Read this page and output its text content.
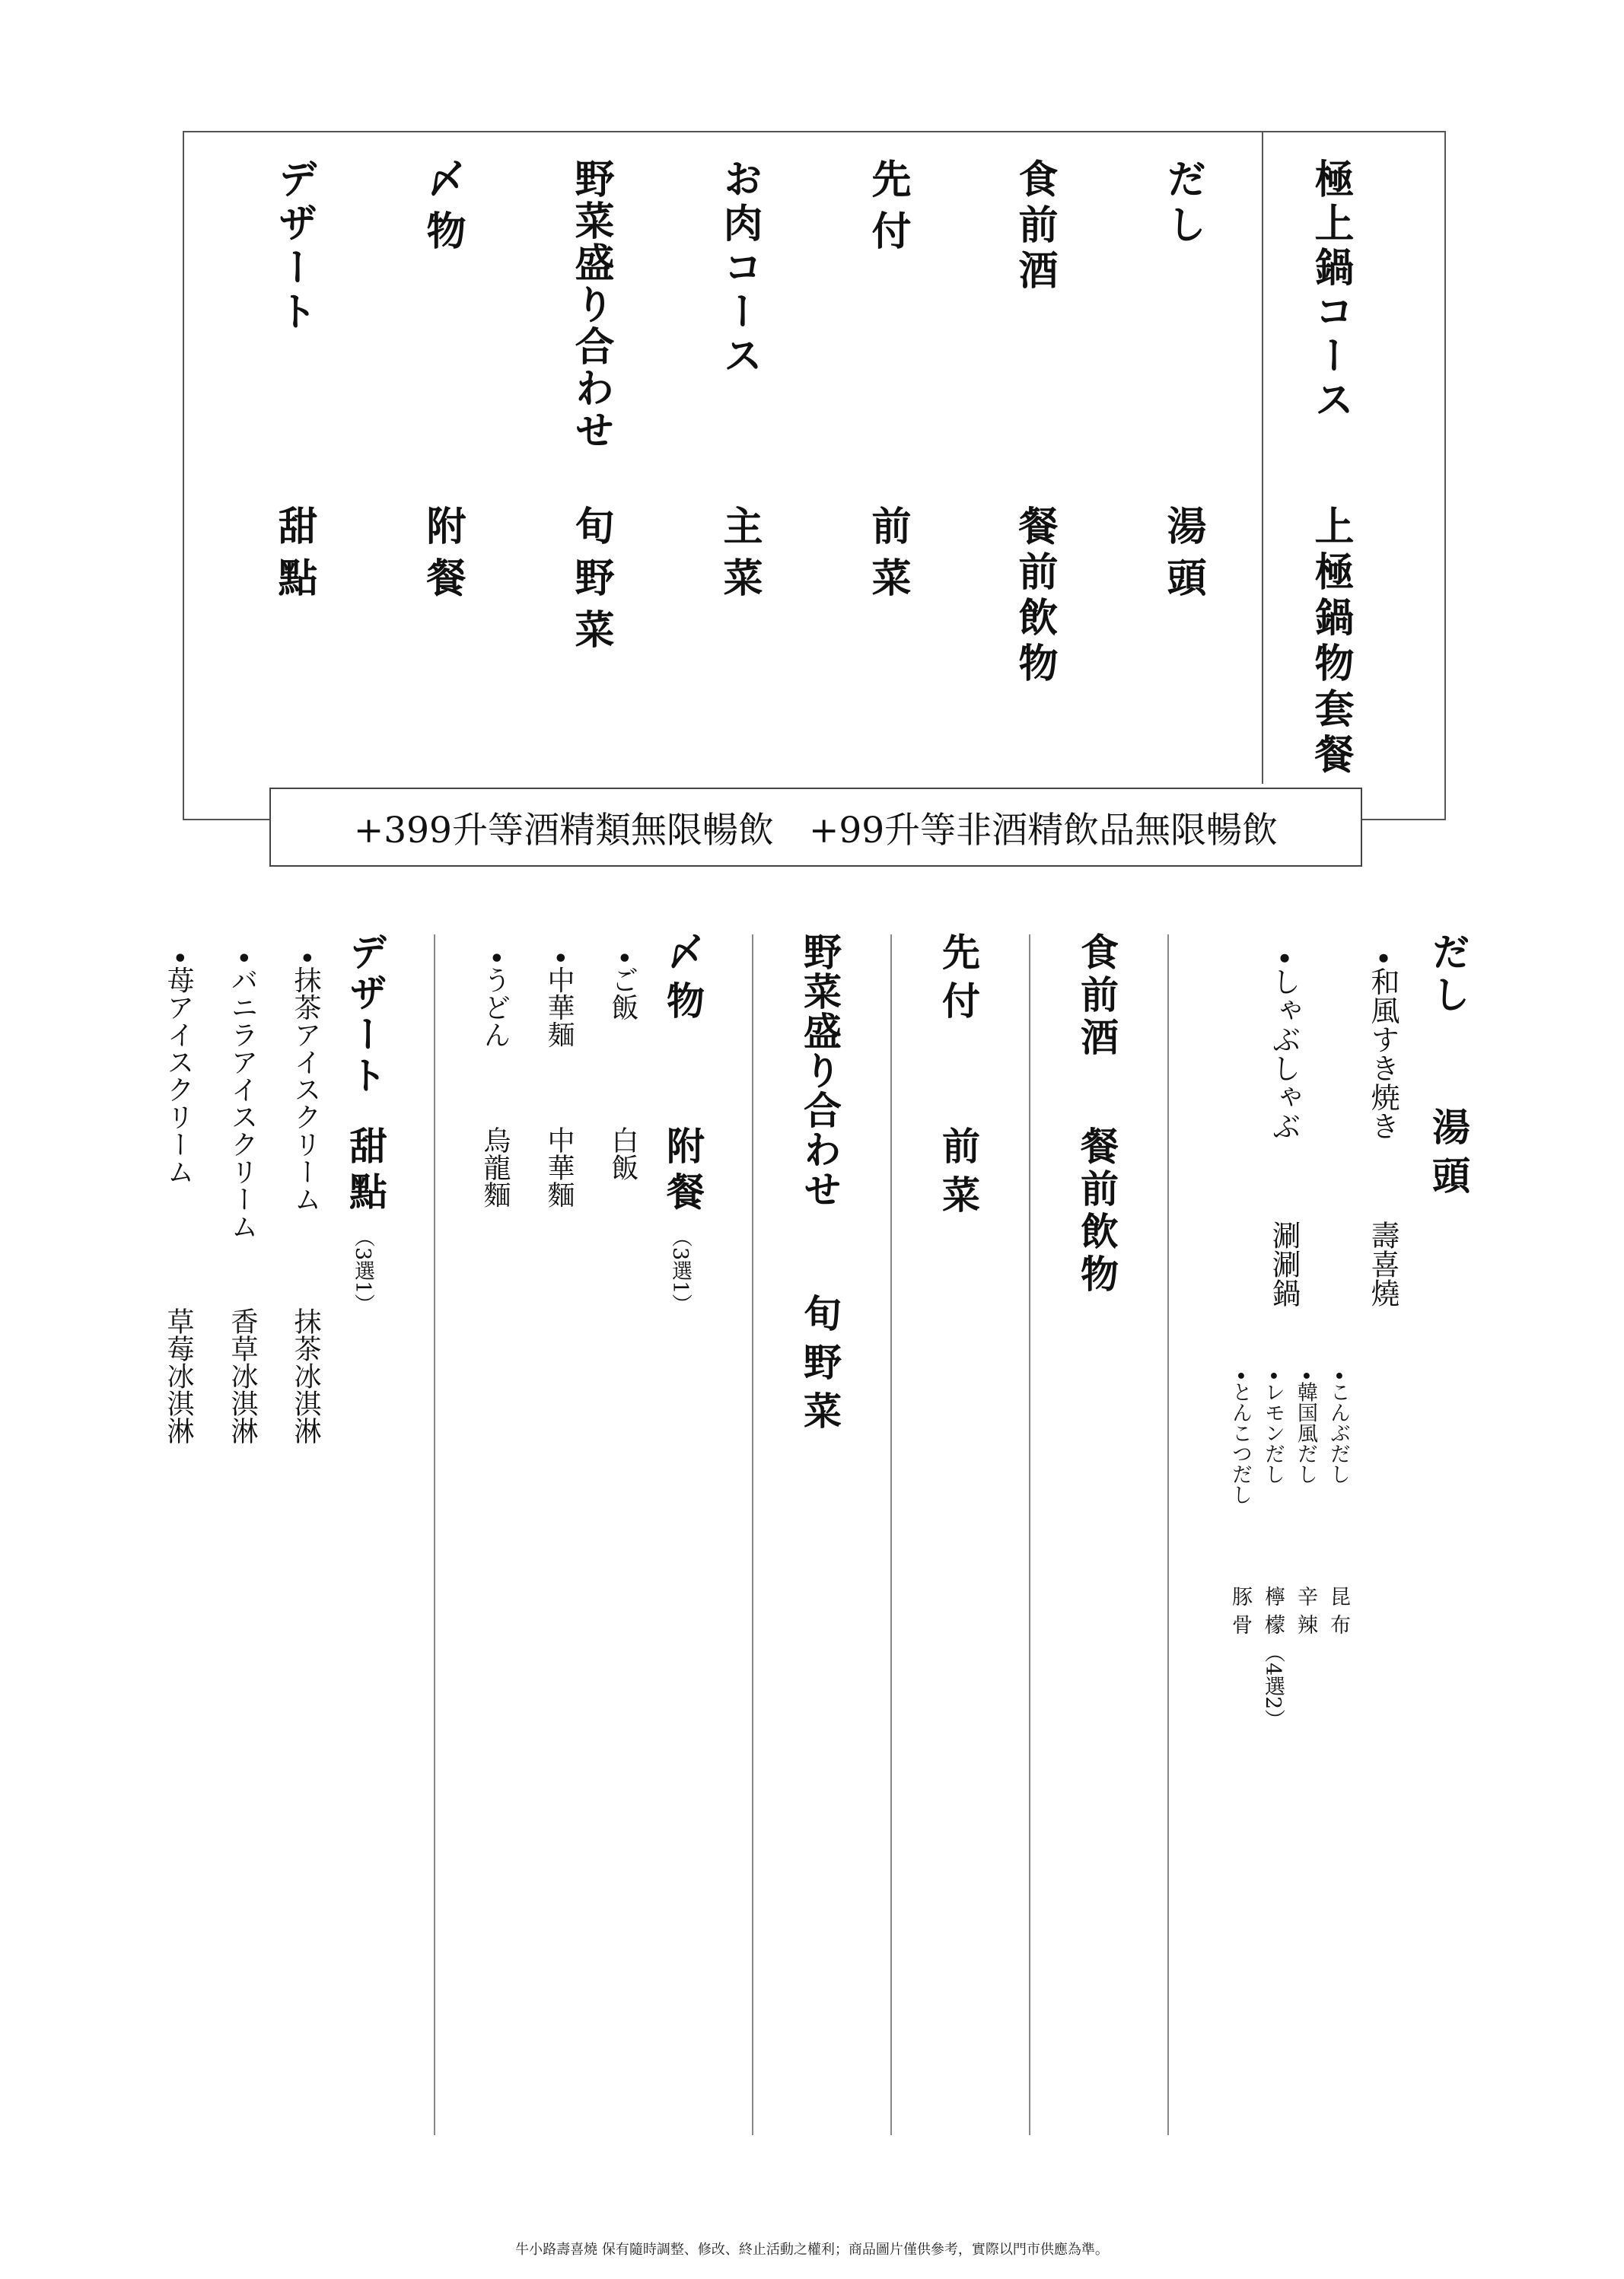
極上鍋コース
上極鍋物套餐
だし
湯頭
食前酒
餐前飲物
先付
前菜
お肉コース
主菜
野菜盛り合わせ
旬野菜
〆物
附餐
デザート
甜點
+399升等酒精類無限暢飲 +99升等非酒精飲品無限暢飲
だし
湯頭
•和風すき焼き
壽喜燒
•しゃぶしゃぶ
涮涮鍋
•こんぶだし
昆布
•韓国風だし
辛辣
•レモンだし
檸檬
•とんこつだし
豚骨
（4選2）
食前酒
餐前飲物
先付
前菜
野菜盛り合わせ
旬野菜
〆物
附餐
（3選1）
•ご飯
白飯
•中華麺
中華麵
•うどん
烏龍麵
デザート
甜點
（3選1）
•抹茶アイスクリーム
抹茶冰淇淋
•バニラアイスクリーム
香草冰淇淋
•苺アイスクリーム
草莓冰淇淋
牛小路壽喜燒 保有隨時調整、修改、終止活動之權利；商品圖片僅供參考，實際以門市供應為準。
